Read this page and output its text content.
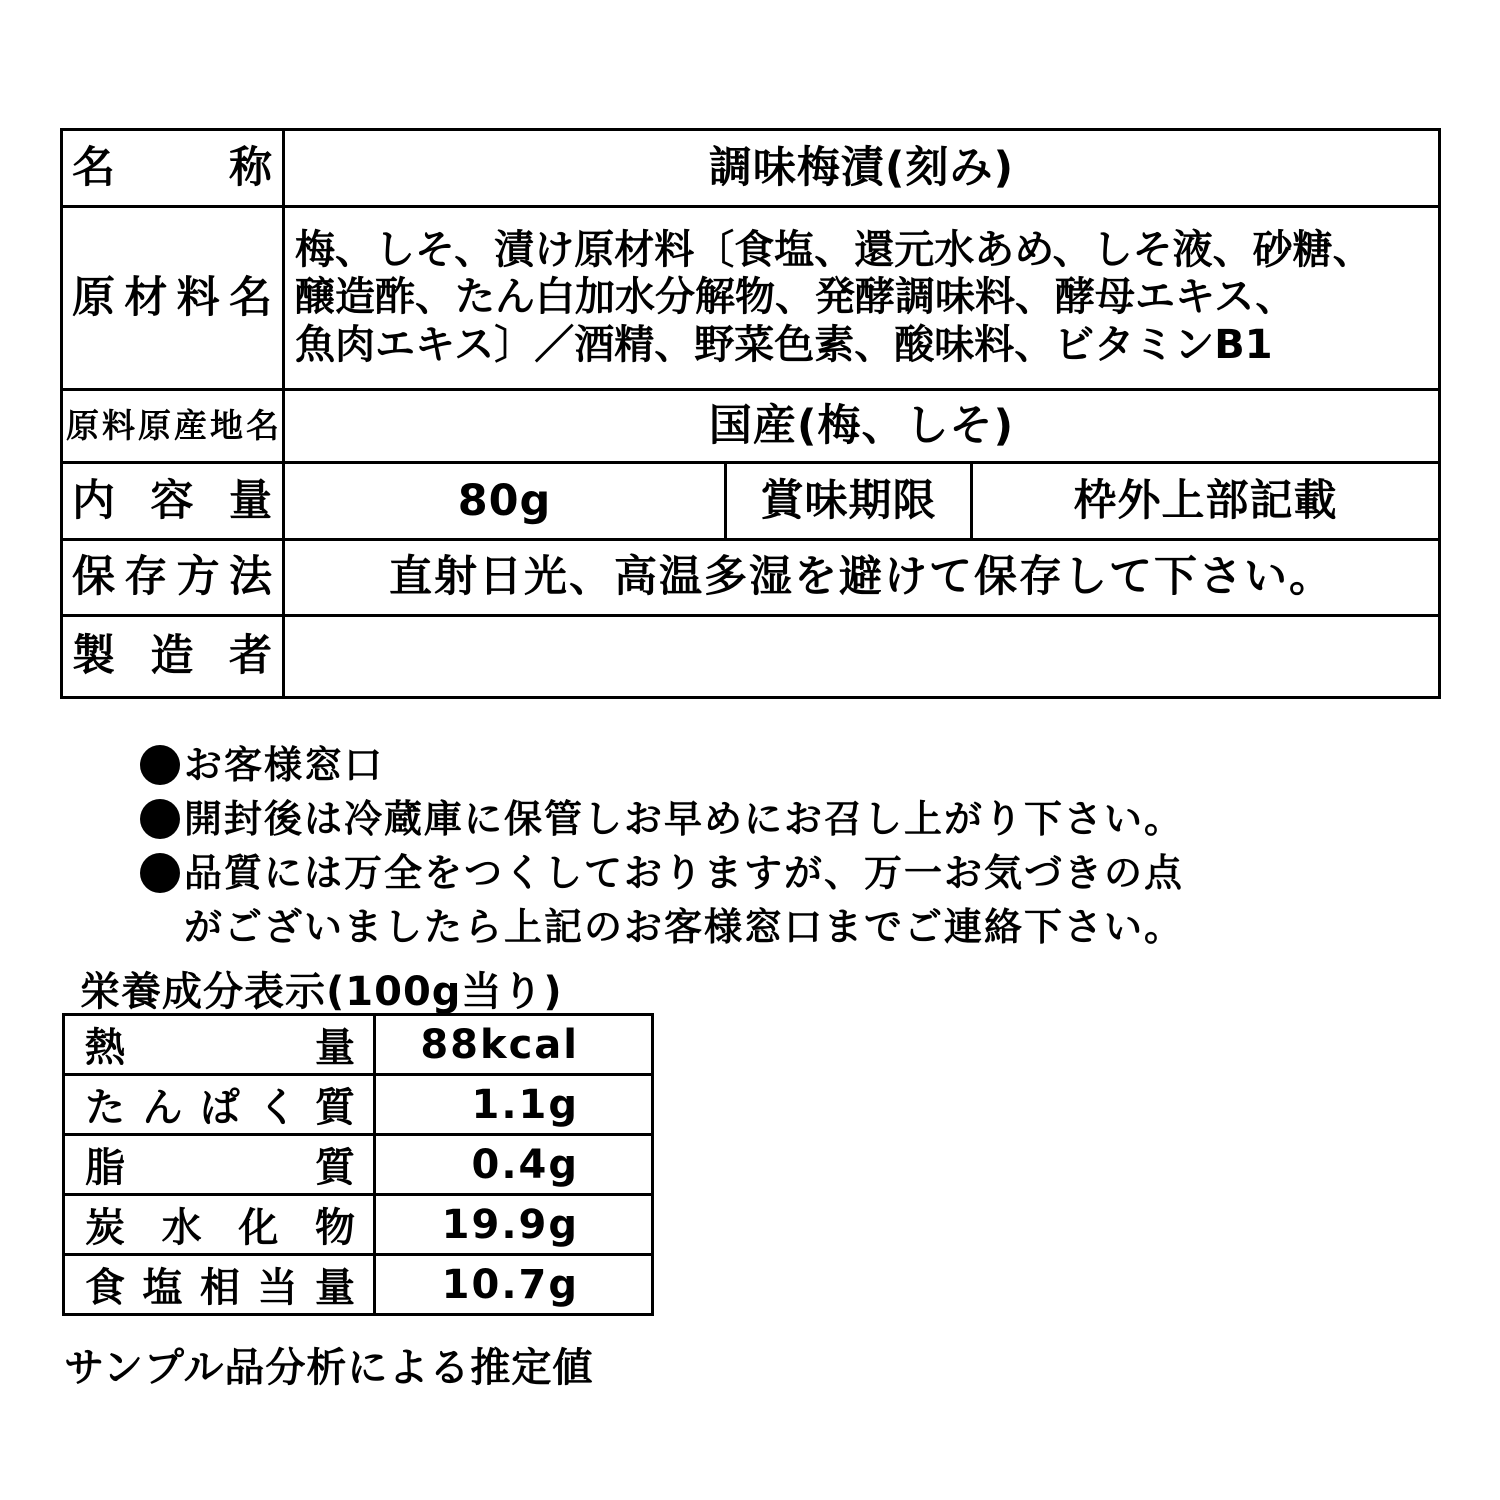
名　称	調味梅漬(刻み)		
原材料名	梅、しそ、漬け原材料〔食塩、還元水あめ、しそ液、砂糖、
醸造酢、たん白加水分解物、発酵調味料、酵母エキス、
魚肉エキス〕／酒精、野菜色素、酸味料、ビタミンB1		

原料原産地名	国産(梅、しそ)		
内容量	80g	賞味期限	枠外上部記載
保存方法	直射日光、高温多湿を避けて保存して下さい。		
製造者			
お客様窓口
開封後は冷蔵庫に保管しお早めにお召し上がり下さい。
品質には万全をつくしておりますが、万一お気づきの点
がございましたら上記のお客様窓口までご連絡下さい。
栄養成分表示(100g当り)
熱　量	88kcal
たんぱく質	1.1g
脂　質	0.4g
炭水化物	19.9g
食塩相当量	10.7g
サンプル品分析による推定値
